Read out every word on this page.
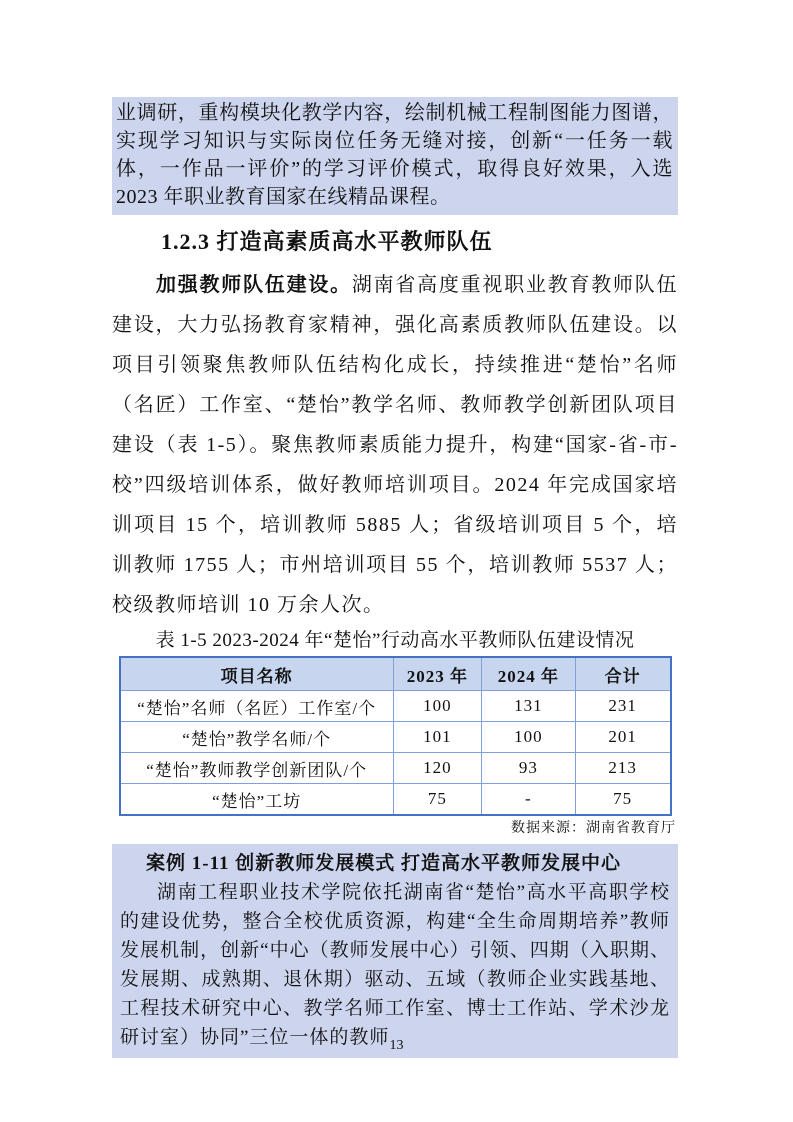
业调研，重构模块化教学内容，绘制机械工程制图能力图谱，实现学习知识与实际岗位任务无缝对接，创新“一任务一载体，一作品一评价”的学习评价模式，取得良好效果，入选 2023 年职业教育国家在线精品课程。
1.2.3 打造高素质高水平教师队伍

加强教师队伍建设。湖南省高度重视职业教育教师队伍建设，大力弘扬教育家精神，强化高素质教师队伍建设。以项目引领聚焦教师队伍结构化成长，持续推进“楚怡”名师（名匠）工作室、“楚怡”教学名师、教师教学创新团队项目建设（表 1-5）。聚焦教师素质能力提升，构建“国家-省-市-校”四级培训体系，做好教师培训项目。2024 年完成国家培训项目 15 个，培训教师 5885 人；省级培训项目 5 个，培训教师 1755 人；市州培训项目 55 个，培训教师 5537 人；校级教师培训 10 万余人次。

表 1-5 2023-2024 年“楚怡”行动高水平教师队伍建设情况
项目名称	2023 年	2024 年	合计
“楚怡”名师（名匠）工作室/个	100	131	231
“楚怡”教学名师/个	101	100	201
“楚怡”教师教学创新团队/个	120	93	213
“楚怡”工坊	75	-	75
数据来源：湖南省教育厅
案例 1-11 创新教师发展模式 打造高水平教师发展中心
湖南工程职业技术学院依托湖南省“楚怡”高水平高职学校的建设优势，整合全校优质资源，构建“全生命周期培养”教师发展机制，创新“中心（教师发展中心）引领、四期（入职期、发展期、成熟期、退休期）驱动、五域（教师企业实践基地、工程技术研究中心、教学名师工作室、博士工作站、学术沙龙研讨室）协同”三位一体的教师 13
